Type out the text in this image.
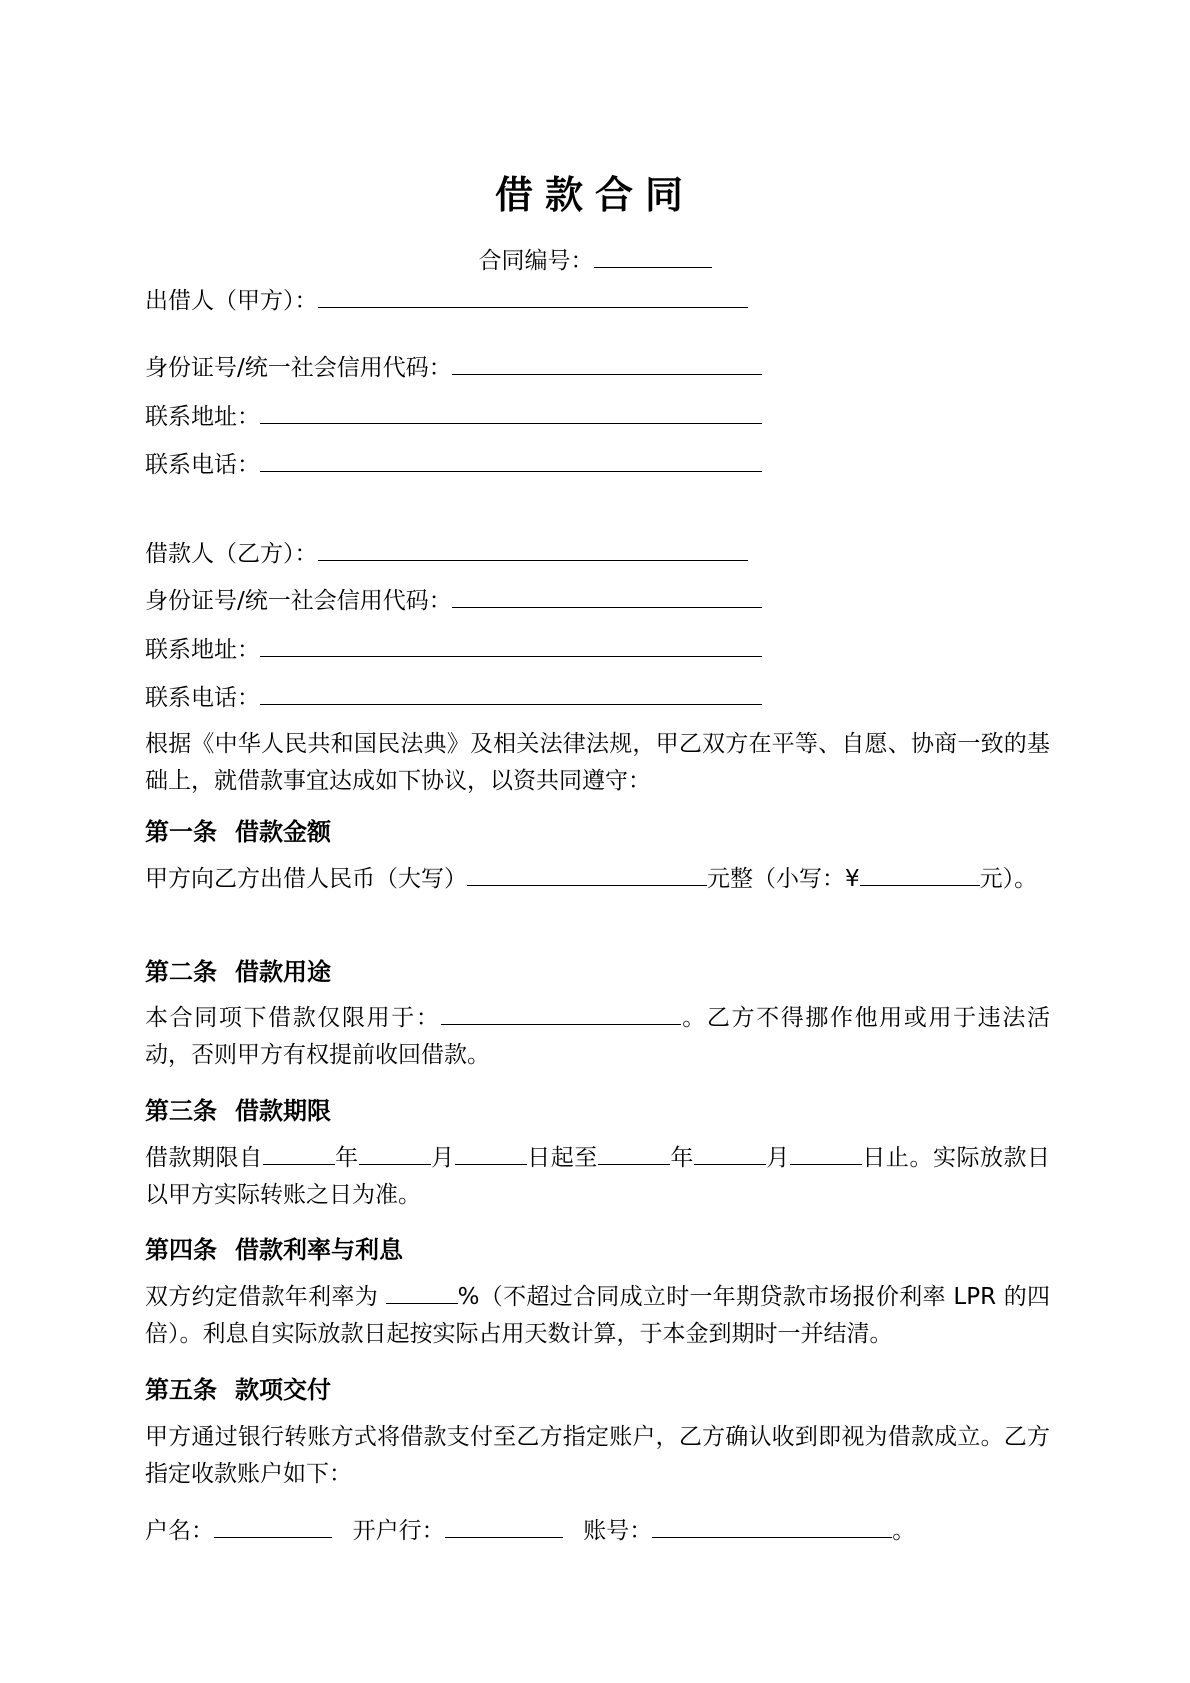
借款合同
合同编号：
出借人（甲方）：
身份证号/统一社会信用代码：
联系地址：
联系电话：
借款人（乙方）：
身份证号/统一社会信用代码：
联系地址：
联系电话：
根据《中华人民共和国民法典》及相关法律法规，甲乙双方在平等、自愿、协商一致的基础上，就借款事宜达成如下协议，以资共同遵守：
第一条 借款金额
甲方向乙方出借人民币（大写）	元整（小写：¥	元）。
第二条 借款用途
本合同项下借款仅限用于：	。乙方不得挪作他用或用于违法活动，否则甲方有权提前收回借款。
第三条 借款期限
借款期限自	年	月	日起至	年	月	日止。实际放款日以甲方实际转账之日为准。
第四条 借款利率与利息
双方约定借款年利率为	%（不超过合同成立时一年期贷款市场报价利率 LPR 的四倍）。利息自实际放款日起按实际占用天数计算，于本金到期时一并结清。
第五条 款项交付
甲方通过银行转账方式将借款支付至乙方指定账户，乙方确认收到即视为借款成立。乙方指定收款账户如下：
户名：	开户行：	账号：	。
